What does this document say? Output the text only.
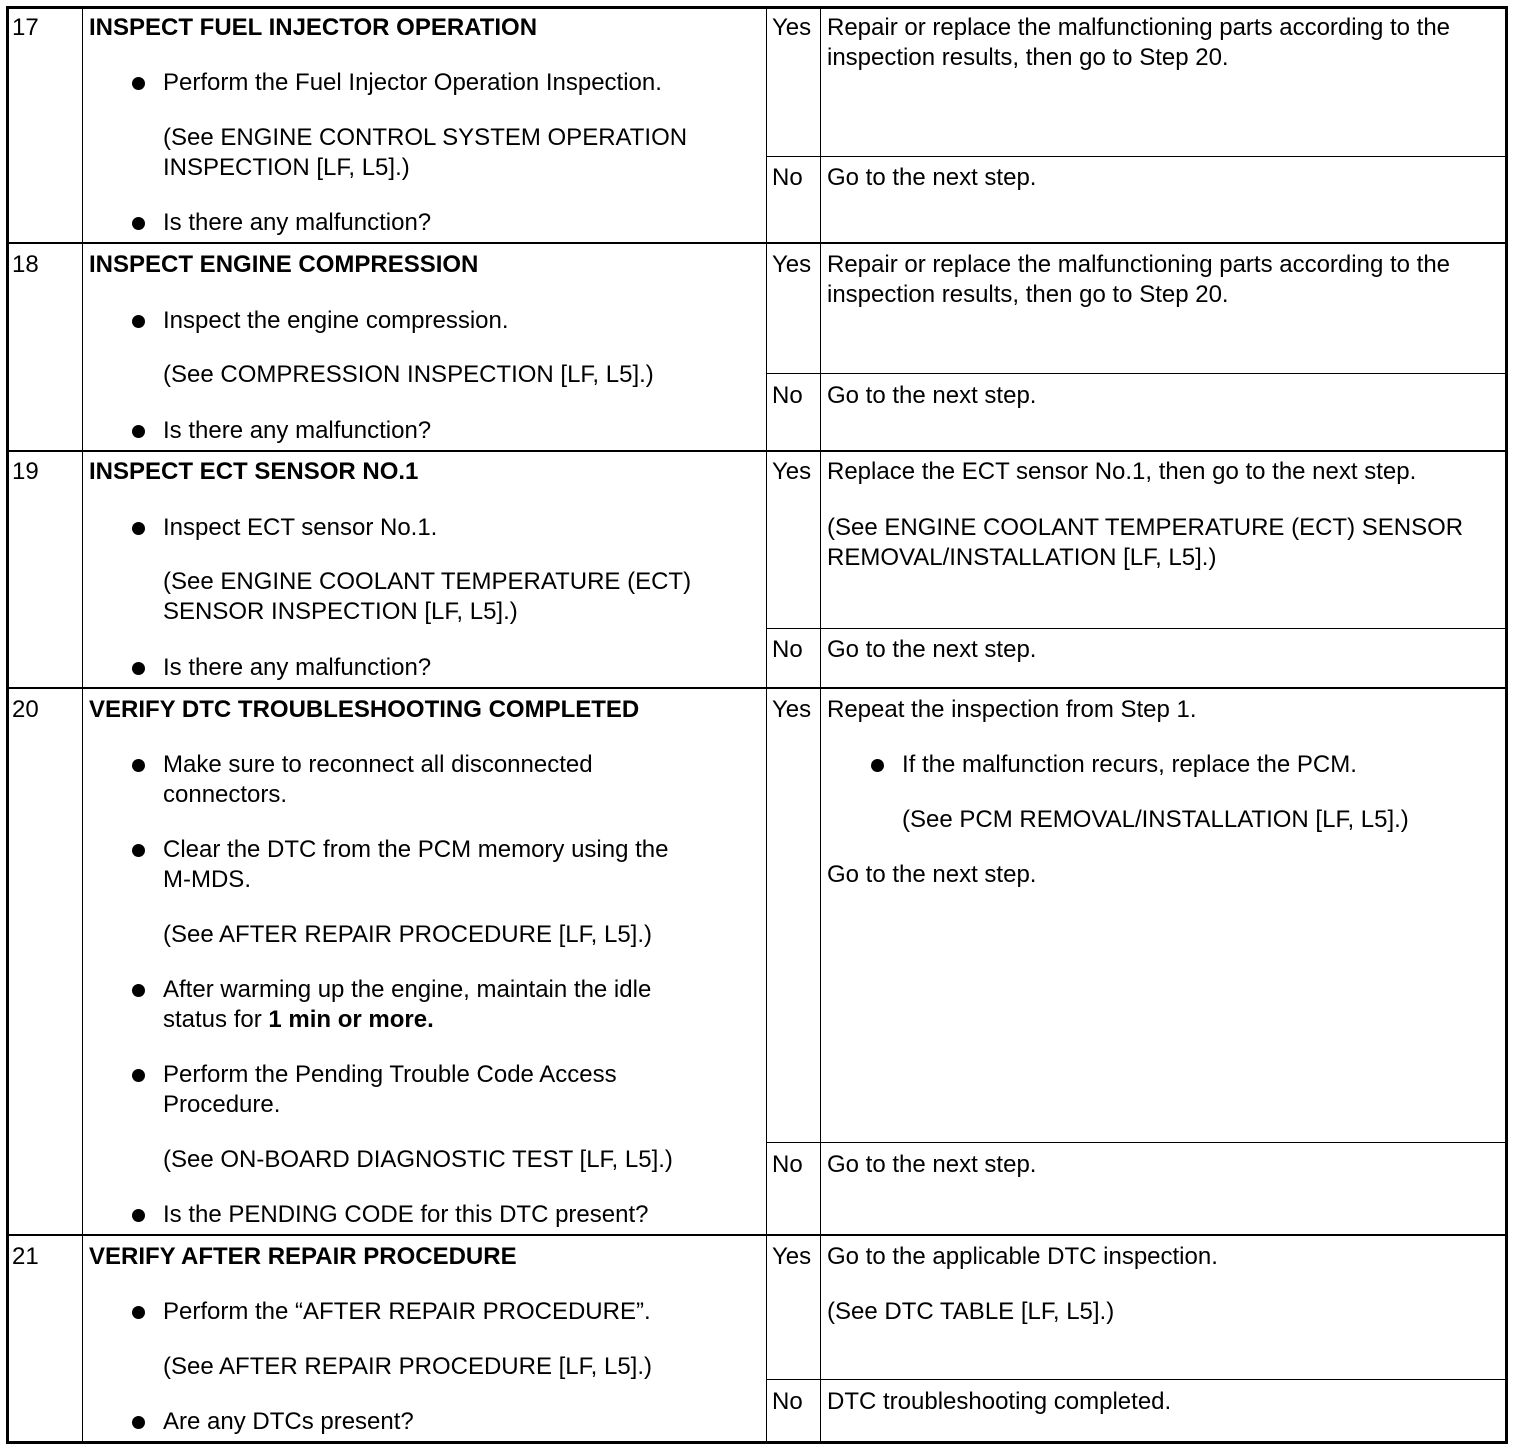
17 INSPECT FUEL INJECTOR OPERATION
Perform the Fuel Injector Operation Inspection.
(See ENGINE CONTROL SYSTEM OPERATION
INSPECTION [LF, L5].)
Is there any malfunction?
Yes Repair or replace the malfunctioning parts according to the
inspection results, then go to Step 20.
No Go to the next step.
18 INSPECT ENGINE COMPRESSION
Inspect the engine compression.
(See COMPRESSION INSPECTION [LF, L5].)
Is there any malfunction?
Yes Repair or replace the malfunctioning parts according to the
inspection results, then go to Step 20.
No Go to the next step.
19 INSPECT ECT SENSOR NO.1
Inspect ECT sensor No.1.
(See ENGINE COOLANT TEMPERATURE (ECT)
SENSOR INSPECTION [LF, L5].)
Is there any malfunction?
Yes Replace the ECT sensor No.1, then go to the next step.
(See ENGINE COOLANT TEMPERATURE (ECT) SENSOR
REMOVAL/INSTALLATION [LF, L5].)
No Go to the next step.
20 VERIFY DTC TROUBLESHOOTING COMPLETED
Make sure to reconnect all disconnected
connectors.
Clear the DTC from the PCM memory using the
M-MDS.
(See AFTER REPAIR PROCEDURE [LF, L5].)
After warming up the engine, maintain the idle
status for 1 min or more.
Perform the Pending Trouble Code Access
Procedure.
(See ON-BOARD DIAGNOSTIC TEST [LF, L5].)
Is the PENDING CODE for this DTC present?
Yes Repeat the inspection from Step 1.
If the malfunction recurs, replace the PCM.
(See PCM REMOVAL/INSTALLATION [LF, L5].)
Go to the next step.
No Go to the next step.
21 VERIFY AFTER REPAIR PROCEDURE
Perform the “AFTER REPAIR PROCEDURE”.
(See AFTER REPAIR PROCEDURE [LF, L5].)
Are any DTCs present?
Yes Go to the applicable DTC inspection.
(See DTC TABLE [LF, L5].)
No DTC troubleshooting completed.
